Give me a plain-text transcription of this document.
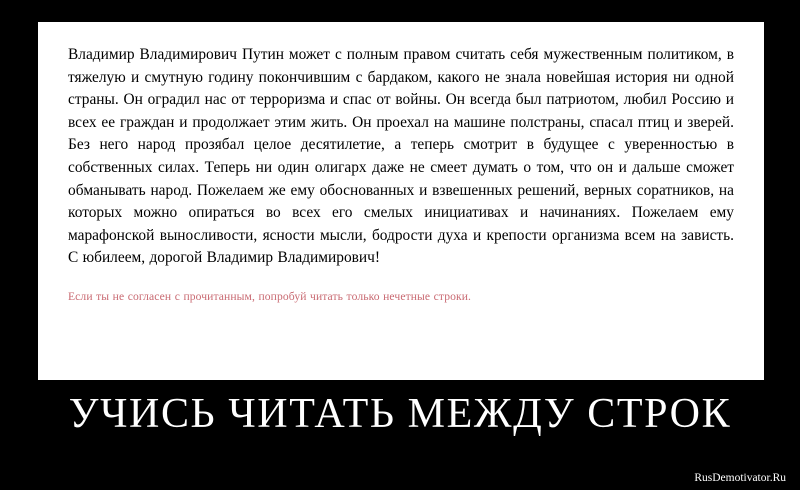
Владимир Владимирович Путин может с полным правом считать себя мужественным политиком, в тяжелую и смутную годину покончившим с бардаком, какого не знала новейшая история ни одной страны. Он оградил нас от терроризма и спас от войны. Он всегда был патриотом, любил Россию и всех ее граждан и продолжает этим жить. Он проехал на машине полстраны, спасал птиц и зверей. Без него народ прозябал целое десятилетие, а теперь смотрит в будущее с уверенностью в собственных силах. Теперь ни один олигарх даже не смеет думать о том, что он и дальше сможет обманывать народ. Пожелаем же ему обоснованных и взвешенных решений, верных соратников, на которых можно опираться во всех его смелых инициативах и начинаниях. Пожелаем ему марафонской выносливости, ясности мысли, бодрости духа и крепости организма всем на зависть. С юбилеем, дорогой Владимир Владимирович!

Если ты не согласен с прочитанным, попробуй читать только нечетные строки.
УЧИСЬ ЧИТАТЬ МЕЖДУ СТРОК
RusDemotivator.Ru
